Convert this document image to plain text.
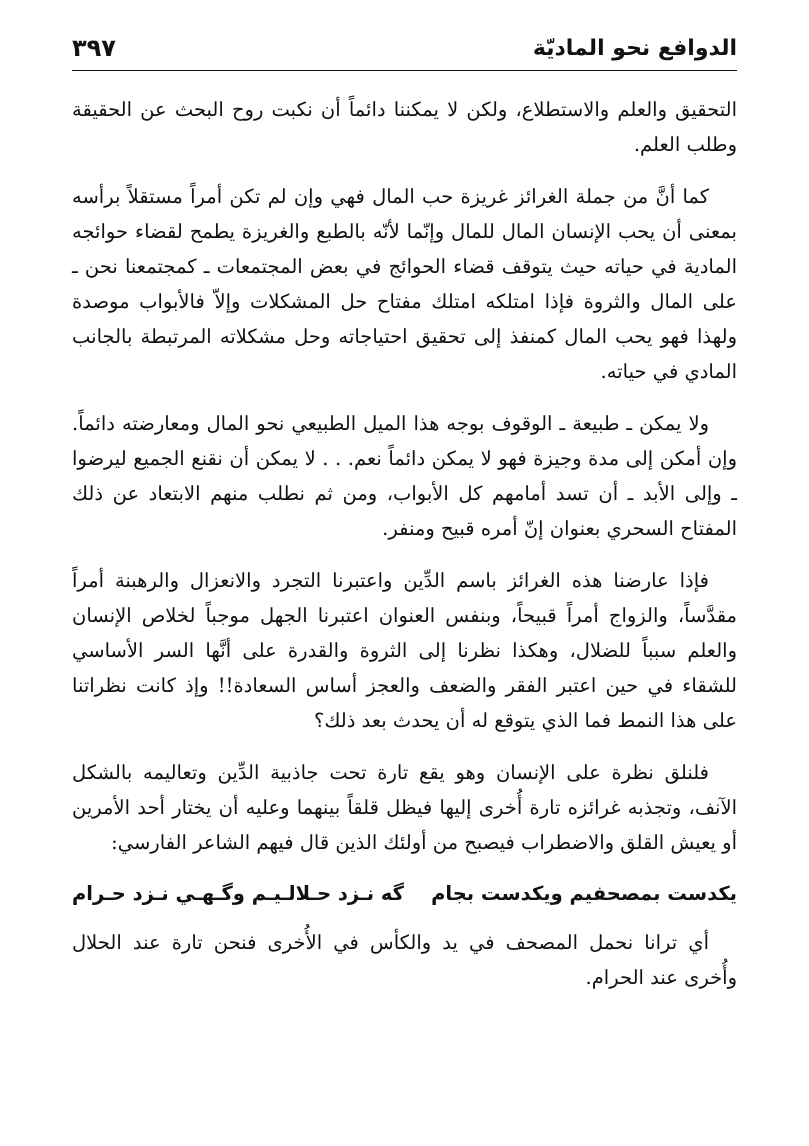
الدوافع نحو الماديّة
٣٩٧

التحقيق والعلم والاستطلاع، ولكن لا يمكننا دائماً أن نكبت روح البحث عن الحقيقة وطلب العلم.

كما أنَّ من جملة الغرائز غريزة حب المال فهي وإن لم تكن أمراً مستقلاً برأسه بمعنى أن يحب الإنسان المال للمال وإنّما لأنّه بالطبع والغريزة يطمح لقضاء حوائجه المادية في حياته حيث يتوقف قضاء الحوائج في بعض المجتمعات ـ كمجتمعنا نحن ـ على المال والثروة فإذا امتلكه امتلك مفتاح حل المشكلات وإلاّ فالأبواب موصدة ولهذا فهو يحب المال كمنفذ إلى تحقيق احتياجاته وحل مشكلاته المرتبطة بالجانب المادي في حياته.

ولا يمكن ـ طبيعة ـ الوقوف بوجه هذا الميل الطبيعي نحو المال ومعارضته دائماً. وإن أمكن إلى مدة وجيزة فهو لا يمكن دائماً نعم. . . لا يمكن أن نقنع الجميع ليرضوا ـ وإلى الأبد ـ أن تسد أمامهم كل الأبواب، ومن ثم نطلب منهم الابتعاد عن ذلك المفتاح السحري بعنوان إنّ أمره قبيح ومنفر.

فإذا عارضنا هذه الغرائز باسم الدِّين واعتبرنا التجرد والانعزال والرهبنة أمراً مقدَّساً، والزواج أمراً قبيحاً، وبنفس العنوان اعتبرنا الجهل موجباً لخلاص الإنسان والعلم سبباً للضلال، وهكذا نظرنا إلى الثروة والقدرة على أنَّها السر الأساسي للشقاء في حين اعتبر الفقر والضعف والعجز أساس السعادة!! وإذ كانت نظراتنا على هذا النمط فما الذي يتوقع له أن يحدث بعد ذلك؟

فلنلق نظرة على الإنسان وهو يقع تارة تحت جاذبية الدِّين وتعاليمه بالشكل الآنف، وتجذبه غرائزه تارة أُخرى إليها فيظل قلقاً بينهما وعليه أن يختار أحد الأمرين أو يعيش القلق والاضطراب فيصبح من أولئك الذين قال فيهم الشاعر الفارسي:

يكدست بمصحفيم ويكدست بجام
گه نـزد حـلالـيـم وگـهـي نـزد حـرام

أي ترانا نحمل المصحف في يد والكأس في الأُخرى فنحن تارة عند الحلال وأُخرى عند الحرام.
